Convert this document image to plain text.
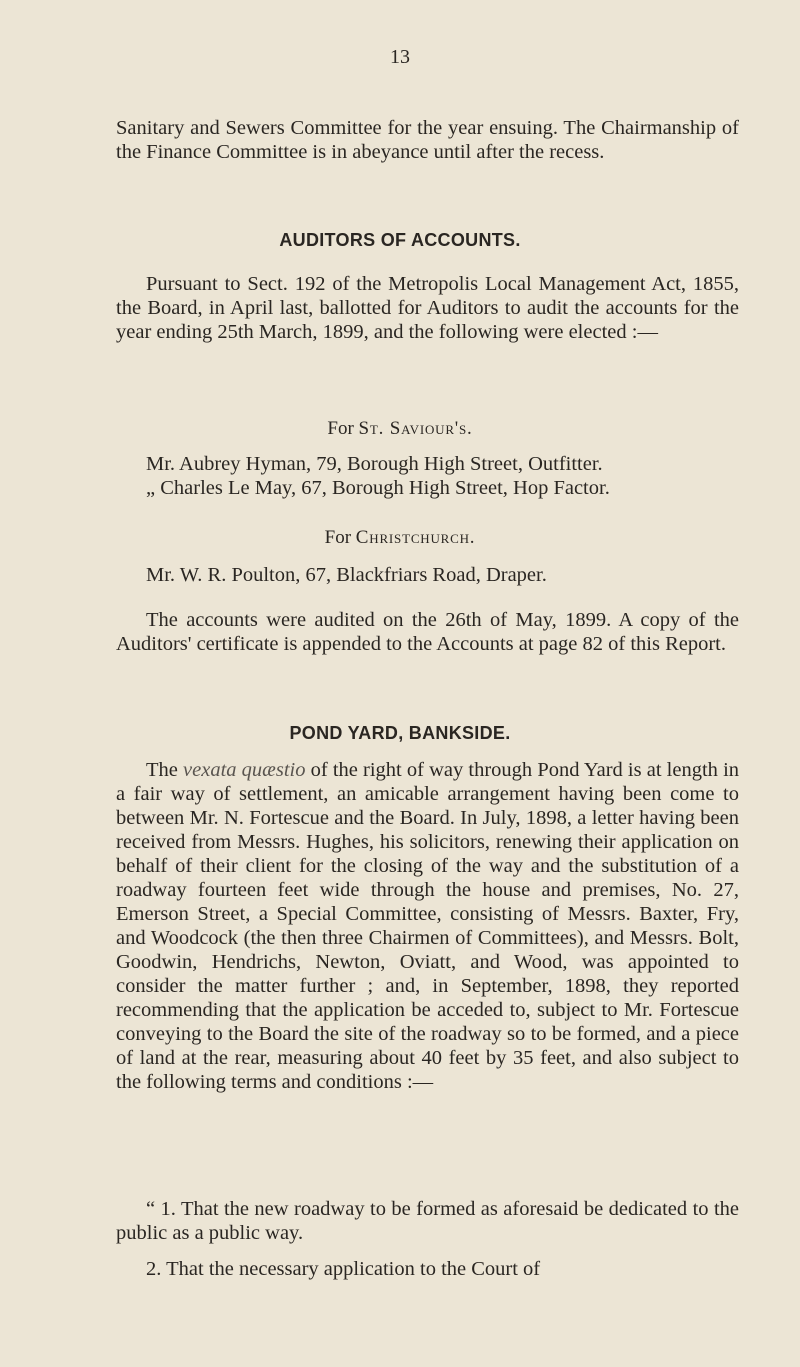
13

Sanitary and Sewers Committee for the year ensuing. The Chairmanship of the Finance Committee is in abeyance until after the recess.

AUDITORS OF ACCOUNTS.

Pursuant to Sect. 192 of the Metropolis Local Management Act, 1855, the Board, in April last, ballotted for Auditors to audit the accounts for the year ending 25th March, 1899, and the following were elected :—

For St. Saviour's.
Mr. Aubrey Hyman, 79, Borough High Street, Outfitter.
„ Charles Le May, 67, Borough High Street, Hop Factor.
For Christchurch.
Mr. W. R. Poulton, 67, Blackfriars Road, Draper.

The accounts were audited on the 26th of May, 1899. A copy of the Auditors' certificate is appended to the Accounts at page 82 of this Report.

POND YARD, BANKSIDE.

The vexata quæstio of the right of way through Pond Yard is at length in a fair way of settlement, an amicable arrangement having been come to between Mr. N. Fortescue and the Board. In July, 1898, a letter having been received from Messrs. Hughes, his solicitors, renewing their application on behalf of their client for the closing of the way and the substitution of a roadway fourteen feet wide through the house and premises, No. 27, Emerson Street, a Special Committee, consisting of Messrs. Baxter, Fry, and Woodcock (the then three Chairmen of Committees), and Messrs. Bolt, Goodwin, Hendrichs, Newton, Oviatt, and Wood, was appointed to consider the matter further ; and, in September, 1898, they reported recommending that the application be acceded to, subject to Mr. Fortescue conveying to the Board the site of the roadway so to be formed, and a piece of land at the rear, measuring about 40 feet by 35 feet, and also subject to the following terms and conditions :—

“ 1. That the new roadway to be formed as aforesaid be dedicated to the public as a public way.

2. That the necessary application to the Court of
